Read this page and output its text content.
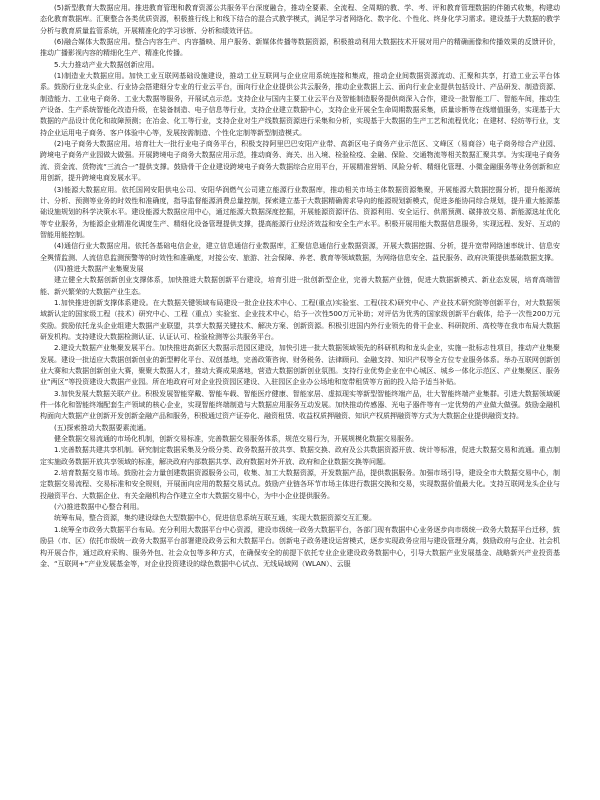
(5)新型教育大数据应用。推进教育管理和教育资源公共服务平台深度融合，推动全要素、全流程、全周期的教、学、考、评和教育管理数据的伴随式收集，构建动态化教育数据库。汇聚整合各类优质资源，积极推行线上和线下结合的混合式教学模式，满足学习者网络化、数字化、个性化、终身化学习需求。建设基于大数据的教学分析与教育质量监管系统，开展精准化的学习诊断、分析和绩效评估。

(6)融合媒体大数据应用。整合内容生产、内容播映、用户服务、新媒体传播等数据资源，积极推动利用大数据技术开展对用户的精确画像和传播效果的反馈评价，推动广播影视内容的精细化生产、精准化传播。

5.大力推动产业大数据创新应用。

(1)制造业大数据应用。加快工业互联网基础设施建设，推动工业互联网与企业应用系统连接和集成，推动企业间数据资源流动、汇聚和共享，打造工业云平台体系。鼓励行业龙头企业、行业协会搭建细分专业的行业云平台，面向行业企业提供公共云服务，推动企业数据上云、面向行业企业提供包括设计、产品研发、制造资源、制造能力、工业电子商务、工业大数据等服务，开展试点示范。支持企业与国内主要工业云平台及智能制造服务提供商深入合作，建设一批智能工厂、智能车间，推动生产设备、生产系统智能化改造升级，在装备制造、电子信息等行业，支持企业建立数据中心，支持企业开展全生命周期数据采集，质量诊断等在线增值服务，实现基于大数据的产品设计优化和故障预测；在冶金、化工等行业，支持企业对生产线数据资源进行采集和分析，实现基于大数据的生产工艺和流程优化；在建材、轻纺等行业，支持企业运用电子商务、客户体验中心等，发展按需制造、个性化定制等新型制造模式。

(2)电子商务大数据应用。培育壮大一批行业电子商务平台，积极支持阿里巴巴安阳产业带、高新区电子商务产业示范区、文峰区（易商谷）电子商务综合产业园、跨境电子商务产业园做大做强。开展跨境电子商务大数据应用示范，推动商务、海关、出入境、检验检疫、金融、保险、交通物流等相关数据汇聚共享。为实现电子商务流、资金流、货物流“三流合一”提供支撑。鼓励骨干企业建设跨境电子商务大数据综合应用平台，开展精准营销、风险分析、精细化管理、小微金融服务等业务创新和应用创新，提升跨境电商发展水平。

(3)能源大数据应用。依托国网安阳供电公司、安阳华润燃气公司建立能源行业数据库，推动相关市场主体数据资源集聚，开展能源大数据挖掘分析，提升能源统计、分析、预测等业务的时效性和准确度，指导监督能源消费总量控制，探索建立基于大数据精确需求导向的能源规划新模式，促进多能协同综合规划，提升重大能源基础设施规划的科学决策水平。建设能源大数据应用中心，通过能源大数据深度挖掘，开展能源资源评估、资源利用、安全运行、供需预测、碳排放交易、新能源选址优化等专业服务，为能源企业精准化调度生产、精细化设备管理提供支撑，提高能源行业经济效益和安全生产水平。积极开展用能大数据信息服务，实现远程、发好、互动的智能用能控制。

(4)通信行业大数据应用。依托各基础电信企业，建立信息通信行业数据库，汇聚信息通信行业数据资源，开展大数据挖掘、分析，提升宽带网络速率统计、信息安全舆情监测、人流信息监测预警等的时效性和准确度，对接公安、旅游、社会保障、养老、教育等领域数据，为网络信息安全、益民服务、政府决策提供基础数据支撑。

(四)推进大数据产业集聚发展

建立健全大数据创新创业支撑体系，加快推进大数据创新平台建设，培育引进一批创新型企业，完善大数据产业链，促进大数据新模式、新业态发展，培育高端智能、新兴繁荣的大数据产业生态。

1.加快推进创新支撑体系建设。在大数据关键领域布局建设一批企业技术中心、工程(重点)实验室、工程(技术)研究中心、产业技术研究院等创新平台，对大数据领域新认定的国家级工程（技术）研究中心、工程（重点）实验室、企业技术中心，给予一次性500万元补助；对评估为优秀的国家级创新平台载体，给予一次性200万元奖励。鼓励依托龙头企业组建大数据产业联盟，共享大数据关键技术、解决方案、创新资源。积极引进国内外行业领先的骨干企业、科研院所、高校等在我市布局大数据研发机构。支持建设大数据检测认证、认证认可、检验检测等公共服务平台。

2.建设大数据产业集聚发展平台。加快推进高新区大数据示范园区建设，加快引进一批大数据领域领先的科研机构和龙头企业，实施一批标志性项目，推动产业集聚发展。建设一批适应大数据创新创业的新型孵化平台、双创基地，完善政策咨询、财务税务、法律顾问、金融支持、知识产权等全方位专业服务体系。举办互联网创新创业大赛和大数据创新创业大赛，聚聚大数据人才，推动大赛成果落地，营造大数据创新创业氛围。支持行业优势企业在中心城区、城乡一体化示范区、产业集聚区、服务业“两区”等投资建设大数据产业园。所在地政府可对企业投资园区建设、入驻园区企业办公场地和宽带租赁等方面的投入给予适当补贴。

3.加快发展大数据关联产业。积极发展智能穿戴、智能车载、智能医疗健康、智能家居、虚拟现实等新型智能终端产品，壮大智能终端产业集群。引进大数据领域硬件一体化和智能终端配套生产领域的核心企业，实现智能终端制造与大数据应用服务互动发展。加快推动传感器、光电子器件等有一定优势的产业做大做强。鼓励金融机构面向大数据产业创新开发创新金融产品和服务，积极通过资产证券化、融资租赁、收益权质押融资、知识产权质押融资等方式为大数据企业提供融资支持。

(五)探索推动大数据要素流通。

健全数据交易流通的市场化机制，创新交易标准，完善数据交易服务体系，规范交易行为，开展规模化数据交易服务。

1.完善数据共建共享机制。研究制定数据采集及分级分类、政务数据开放共享、数据交换、政府及公共数据资源开放、统计等标准，促进大数据交易和流通。重点制定实施政务数据开放共享领域的标准，解决政府内部数据共享、政府数据对外开放、政府和企业数据交换等问题。

2.培育数据交易市场。鼓励社会力量创建数据资源服务公司，收集、加工大数据资源，开发数据产品，提供数据服务。加强市场引导，建设全市大数据交易中心，制定数据交易流程、交易标准和安全规则，开展面向应用的数据交易试点。鼓励产业链各环节市场主体进行数据交换和交易，实现数据价值最大化。支持互联网龙头企业与投融资平台、大数据企业、有关金融机构合作建立全市大数据交易中心，为中小企业提供服务。

(六)推进数据中心整合利用。

统筹布局，整合资源，集约建设绿色大型数据中心，促进信息系统互联互通，实现大数据资源交互汇聚。

1.统筹全市政务大数据平台布局。充分利用大数据平台中心资源，建设市级统一政务大数据平台，各部门现有数据中心业务逐步向市级统一政务大数据平台迁移，鼓励县（市、区）依托市级统一政务大数据平台部署建设政务云和大数据平台。创新电子政务建设运营模式，逐步实现政务应用与建设管理分离，鼓励政府与企业、社会机构开展合作，通过政府采购、服务外包、社会众包等多种方式，在确保安全的前提下依托专业企业建设政务数据中心，引导大数据产业发展基金、战略新兴产业投资基金、“互联网+”产业发展基金等，对企业投资建设的绿色数据中心试点、无线局域网（WLAN）、云服
